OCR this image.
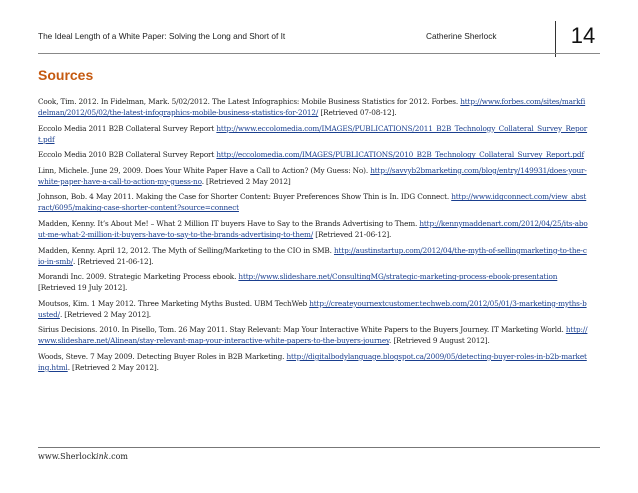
The Ideal Length of a White Paper: Solving the Long and Short of It	Catherine Sherlock	14
Sources

Cook, Tim. 2012. In Fidelman, Mark. 5/02/2012. The Latest Infographics: Mobile Business Statistics for 2012. Forbes. http://www.forbes.com/sites/markfidelman/2012/05/02/the-latest-infographics-mobile-business-statistics-for-2012/ [Retrieved 07-08-12].

Eccolo Media 2011 B2B Collateral Survey Report http://www.eccolomedia.com/IMAGES/PUBLICATIONS/2011_B2B_Technology_Collateral_Survey_Report.pdf

Eccolo Media 2010 B2B Collateral Survey Report http://eccolomedia.com/IMAGES/PUBLICATIONS/2010_B2B_Technology_Collateral_Survey_Report.pdf

Linn, Michele. June 29, 2009. Does Your White Paper Have a Call to Action? (My Guess: No). http://savvyb2bmarketing.com/blog/entry/149931/does-your-white-paper-have-a-call-to-action-my-guess-no. [Retrieved 2 May 2012]

Johnson, Bob. 4 May 2011. Making the Case for Shorter Content: Buyer Preferences Show Thin is In. IDG Connect. http://www.idgconnect.com/view_abstract/6095/making-case-shorter-content?source=connect

Madden, Kenny. It’s About Me! – What 2 Million IT buyers Have to Say to the Brands Advertising to Them. http://kennymaddenart.com/2012/04/25/its-about-me-what-2-million-it-buyers-have-to-say-to-the-brands-advertising-to-them/ [Retrieved 21-06-12].

Madden, Kenny. April 12, 2012. The Myth of Selling/Marketing to the CIO in SMB. http://austinstartup.com/2012/04/the-myth-of-sellingmarketing-to-the-cio-in-smb/. [Retrieved 21-06-12].

Morandi Inc. 2009. Strategic Marketing Process ebook. http://www.slideshare.net/ConsultingMG/strategic-marketing-process-ebook-presentation [Retrieved 19 July 2012].

Moutsos, Kim. 1 May 2012. Three Marketing Myths Busted. UBM TechWeb http://createyournextcustomer.techweb.com/2012/05/01/3-marketing-myths-busted/. [Retrieved 2 May 2012].

Sirius Decisions. 2010. In Pisello, Tom. 26 May 2011. Stay Relevant: Map Your Interactive White Papers to the Buyers Journey. IT Marketing World. http://www.slideshare.net/Alinean/stay-relevant-map-your-interactive-white-papers-to-the-buyers-journey. [Retrieved 9 August 2012].

Woods, Steve. 7 May 2009. Detecting Buyer Roles in B2B Marketing. http://digitalbodylanguage.blogspot.ca/2009/05/detecting-buyer-roles-in-b2b-marketing.html. [Retrieved 2 May 2012].

www.Sherlockink.com
